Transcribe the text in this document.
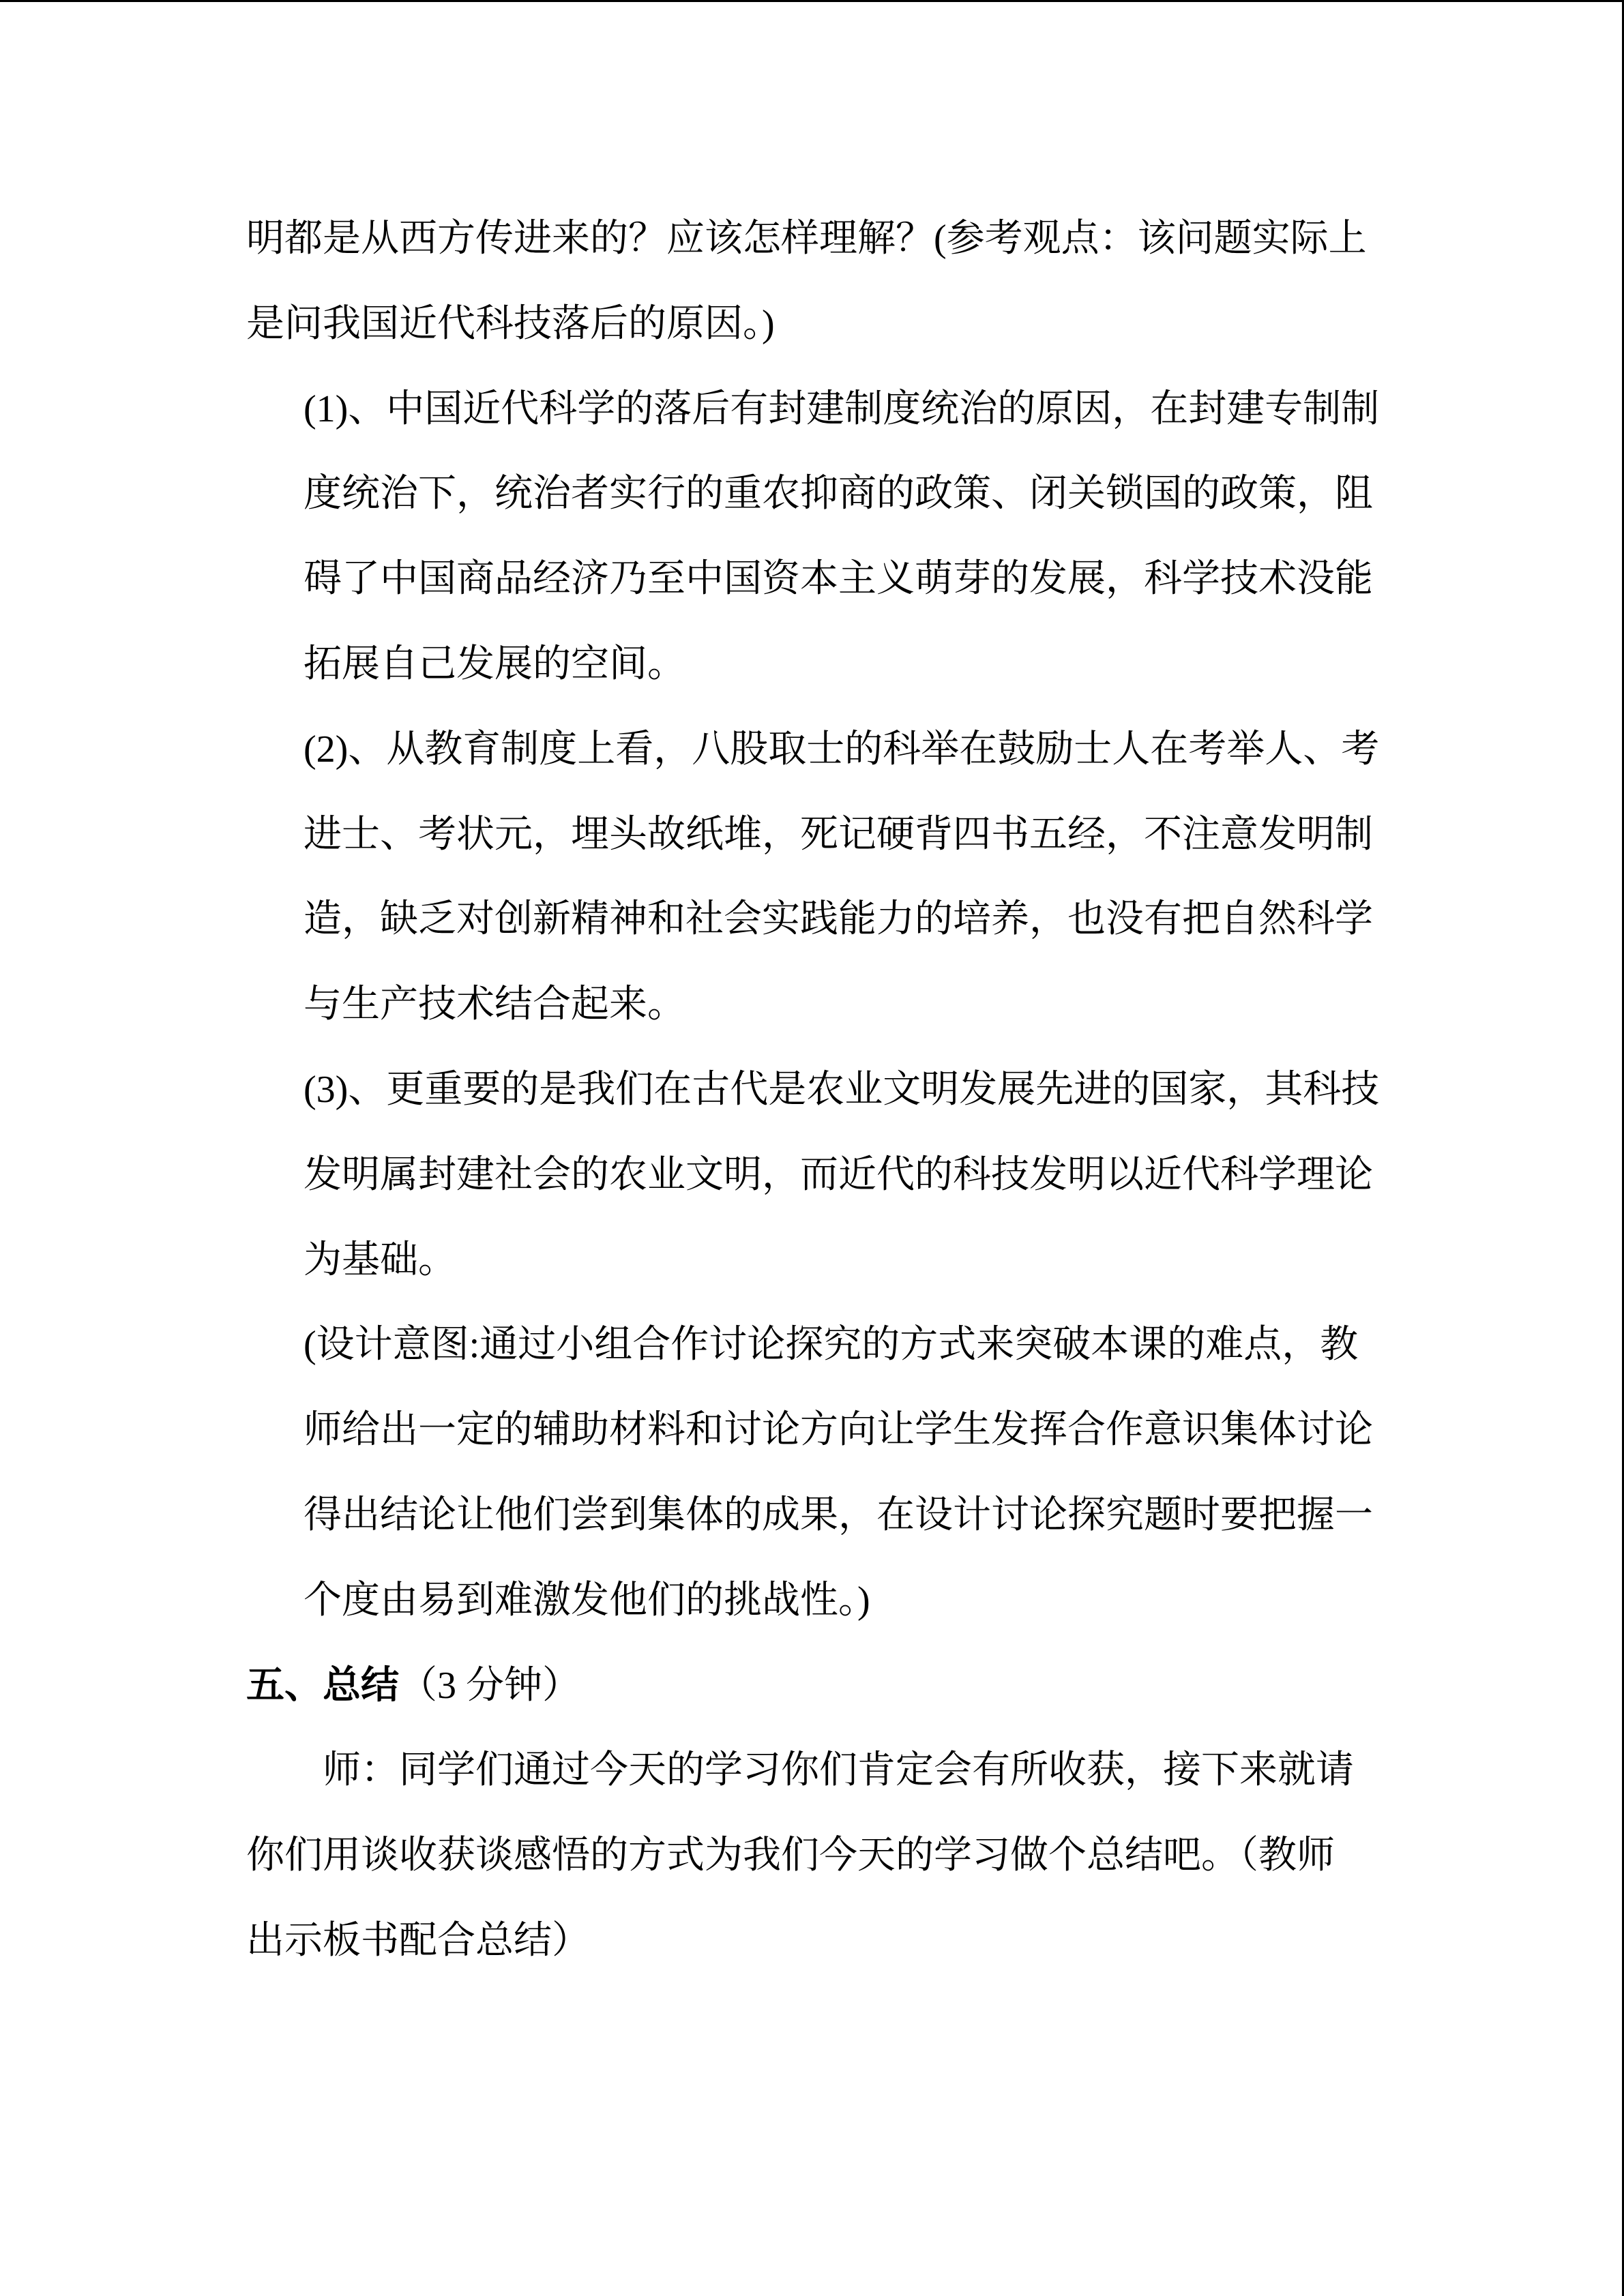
明都是从西方传进来的？应该怎样理解？(参考观点：该问题实际上
是问我国近代科技落后的原因。)
(1)、中国近代科学的落后有封建制度统治的原因，在封建专制制
度统治下，统治者实行的重农抑商的政策、闭关锁国的政策，阻
碍了中国商品经济乃至中国资本主义萌芽的发展，科学技术没能
拓展自己发展的空间。
(2)、从教育制度上看，八股取士的科举在鼓励士人在考举人、考
进士、考状元，埋头故纸堆，死记硬背四书五经，不注意发明制
造，缺乏对创新精神和社会实践能力的培养，也没有把自然科学
与生产技术结合起来。
(3)、更重要的是我们在古代是农业文明发展先进的国家，其科技
发明属封建社会的农业文明，而近代的科技发明以近代科学理论
为基础。
(设计意图:通过小组合作讨论探究的方式来突破本课的难点，教
师给出一定的辅助材料和讨论方向让学生发挥合作意识集体讨论
得出结论让他们尝到集体的成果，在设计讨论探究题时要把握一
个度由易到难激发他们的挑战性。)
五、总结（3 分钟）
师：同学们通过今天的学习你们肯定会有所收获，接下来就请
你们用谈收获谈感悟的方式为我们今天的学习做个总结吧。（教师
出示板书配合总结）
